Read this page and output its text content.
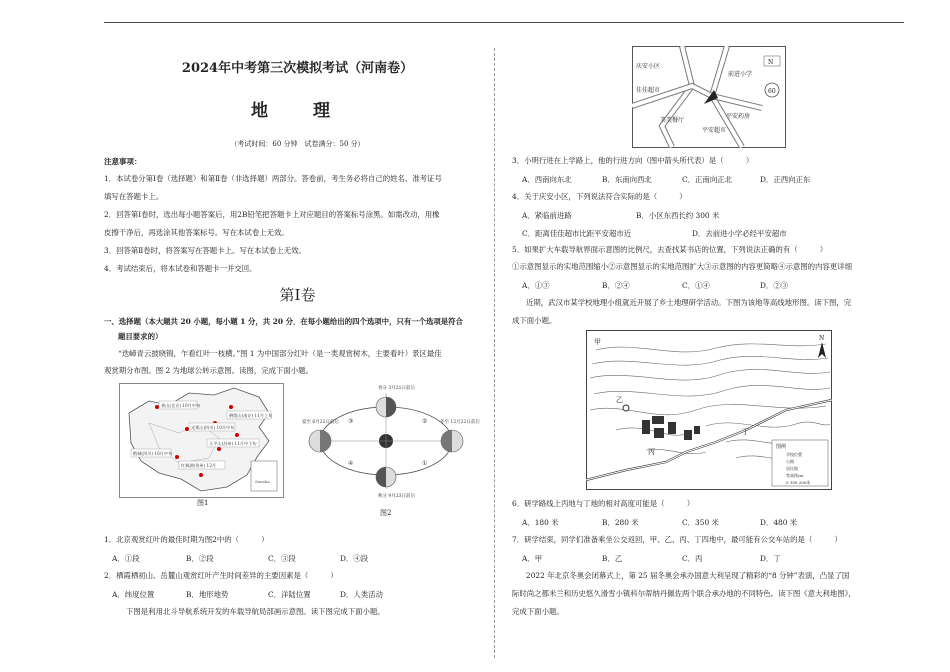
2024年中考第三次模拟考试（河南卷）
地　理
（考试时间：60 分钟　试卷满分：50 分）
注意事项：
1．本试卷分第Ⅰ卷（选择题）和第Ⅱ卷（非选择题）两部分。答卷前，考生务必将自己的姓名、准考证号
填写在答题卡上。
2．回答第Ⅰ卷时，选出每小题答案后，用2B铅笔把答题卡上对应题目的答案标号涂黑。如需改动，用橡
皮擦干净后，再选涂其他答案标号。写在本试卷上无效。
3．回答第Ⅱ卷时，将答案写在答题卡上。写在本试卷上无效。
4．考试结束后，将本试卷和答题卡一并交回。
第Ⅰ卷
一、选择题（本大题共 20 小题，每小题 1 分，共 20 分．在每小题给出的四个选项中，只有一个选项是符合
题目要求的）
“迭嶂青云披晓锦，乍看红叶一枝横。”图 1 为中国部分红叶（是一类观赏树木，主要看叶）景区最佳
观赏期分布图。图 2 为地球公转示意图。读图，完成下面小题。
香山(北京) 10月中旬
栖霞山(南京) 11月上旬
光雾山(四川) 10月中旬
天平山(苏州) 11月中下旬
稻城(四川) 10月中旬
红枫湖(贵州) 12月
Sansha
图1
春分 3月21日前后
夏至 6月22日前后	冬至 12月22日前后
秋分 9月23日前后
③	②
④	①
图2
1．北京观赏红叶的最佳时期为图2中的（　　　）
A．①段	B．②段	C．③段	D．④段
2．栖霞栖初山、岳麓山观赏红叶产生时间差异的主要因素是（　　　）
A．纬度位置	B．地形地势	C．洋陆位置	D．人类活动
下图是利用北斗导航系统开发的车载导航局部画示意图。读下图完成下面小题。
N
60
庆安小区
佳佳超市
美美餐厅
平安超市
平安药房
前进小学
3．小明行进在上学路上，他的行进方向（图中箭头所代表）是（　　　）
A．西南向东北	B．东南向西北	C．正南向正北	D．正西向正东
4．关于庆安小区，下列说法符合实际的是（　　　）
A．紧临前进路	B．小区东西长约 300 米
C．距离佳佳超市比距平安超市近	D．去前进小学必经平安超市
5．如果扩大车载导航界面示意图的比例尺，去查找某书店的位置，下列说法正确的有（　　　）
①示意图显示的实地范围缩小②示意图显示的实地范围扩大③示意图的内容更简略④示意图的内容更详细
A．①③	B．②④	C．①④	D．②③
近期，武汉市某学校地理小组就近开展了乡土地理研学活动。下图为该地等高线地形图。读下图，完
成下面小题。
甲
乙
丙
丁
N
图例
学校位置
公路
居民地
等高线/m
0 100 200米
6．研学路线上丙地与丁地的相对高度可能是（　　　）
A．180 米	B．280 米	C．350 米	D．480 米
7．研学结束，同学们准备乘坐公交返回，甲、乙、丙、丁四地中，最可能有公交车站的是（　　　）
A．甲	B．乙	C．丙	D．丁
2022 年北京冬奥会闭幕式上，第 25 届冬奥会承办国意大利呈现了精彩的“8 分钟”表演，凸显了国
际时尚之都米兰和历史悠久滑雪小镇科尔蒂纳丹佩佐两个联合承办地的不同特色。读下图《意大利地图》，
完成下面小题。
